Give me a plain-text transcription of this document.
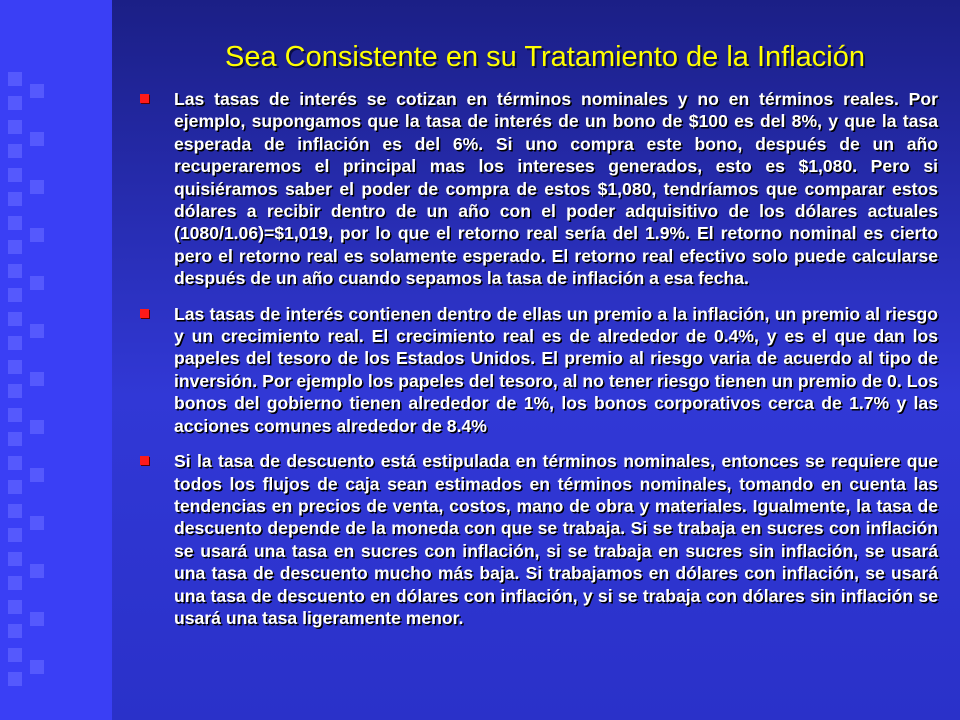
Sea Consistente en su Tratamiento de la Inflación
Las tasas de interés se cotizan en términos nominales y no en términos reales. Por ejemplo, supongamos que la tasa de interés de un bono de $100 es del 8%, y que la tasa esperada de inflación es del 6%. Si uno compra este bono, después de un año recuperaremos el principal mas los intereses generados, esto es $1,080. Pero si quisiéramos saber el poder de compra de estos $1,080, tendríamos que comparar estos dólares a recibir dentro de un año con el poder adquisitivo de los dólares actuales (1080/1.06)=$1,019, por lo que el retorno real sería del 1.9%. El retorno nominal es cierto pero el retorno real es solamente esperado. El retorno real efectivo solo puede calcularse después de un año cuando sepamos la tasa de inflación a esa fecha.
Las tasas de interés contienen dentro de ellas un premio a la inflación, un premio al riesgo y un crecimiento real. El crecimiento real es de alrededor de 0.4%, y es el que dan los papeles del tesoro de los Estados Unidos. El premio al riesgo varia de acuerdo al tipo de inversión. Por ejemplo los papeles del tesoro, al no tener riesgo tienen un premio de 0. Los bonos del gobierno tienen alrededor de 1%, los bonos corporativos cerca de 1.7% y las acciones comunes alrededor de 8.4%
Si la tasa de descuento está estipulada en términos nominales, entonces se requiere que todos los flujos de caja sean estimados en términos nominales, tomando en cuenta las tendencias en precios de venta, costos, mano de obra y materiales. Igualmente, la tasa de descuento depende de la moneda con que se trabaja. Si se trabaja en sucres con inflación se usará una tasa en sucres con inflación, si se trabaja en sucres sin inflación, se usará una tasa de descuento mucho más baja. Si trabajamos en dólares con inflación, se usará una tasa de descuento en dólares con inflación, y si se trabaja con dólares sin inflación se usará una tasa ligeramente menor.
